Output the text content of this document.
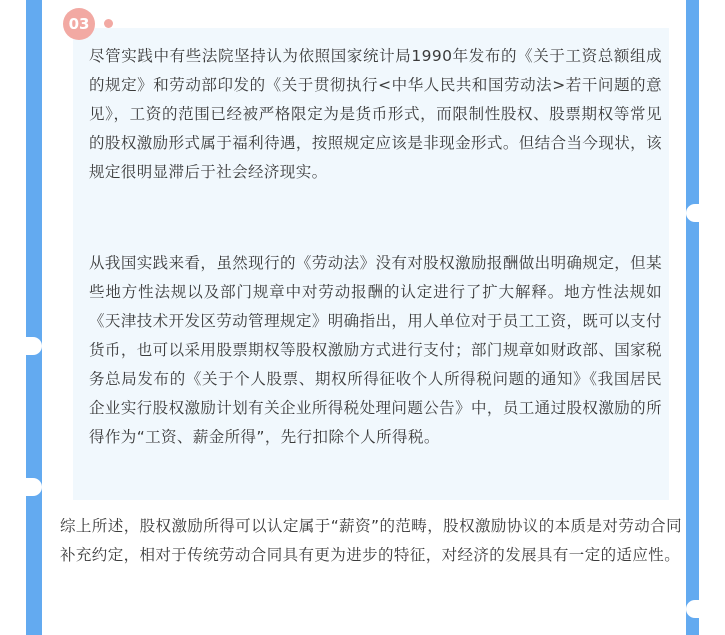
03

尽管实践中有些法院坚持认为依照国家统计局1990年发布的《关于工资总额组成的规定》和劳动部印发的《关于贯彻执行<中华人民共和国劳动法>若干问题的意见》，工资的范围已经被严格限定为是货币形式，而限制性股权、股票期权等常见的股权激励形式属于福利待遇，按照规定应该是非现金形式。但结合当今现状，该规定很明显滞后于社会经济现实。

从我国实践来看，虽然现行的《劳动法》没有对股权激励报酬做出明确规定，但某些地方性法规以及部门规章中对劳动报酬的认定进行了扩大解释。地方性法规如《天津技术开发区劳动管理规定》明确指出，用人单位对于员工工资，既可以支付货币，也可以采用股票期权等股权激励方式进行支付；部门规章如财政部、国家税务总局发布的《关于个人股票、期权所得征收个人所得税问题的通知》《我国居民企业实行股权激励计划有关企业所得税处理问题公告》中，员工通过股权激励的所得作为“工资、薪金所得”，先行扣除个人所得税。

综上所述，股权激励所得可以认定属于“薪资”的范畴，股权激励协议的本质是对劳动合同补充约定，相对于传统劳动合同具有更为进步的特征，对经济的发展具有一定的适应性。
